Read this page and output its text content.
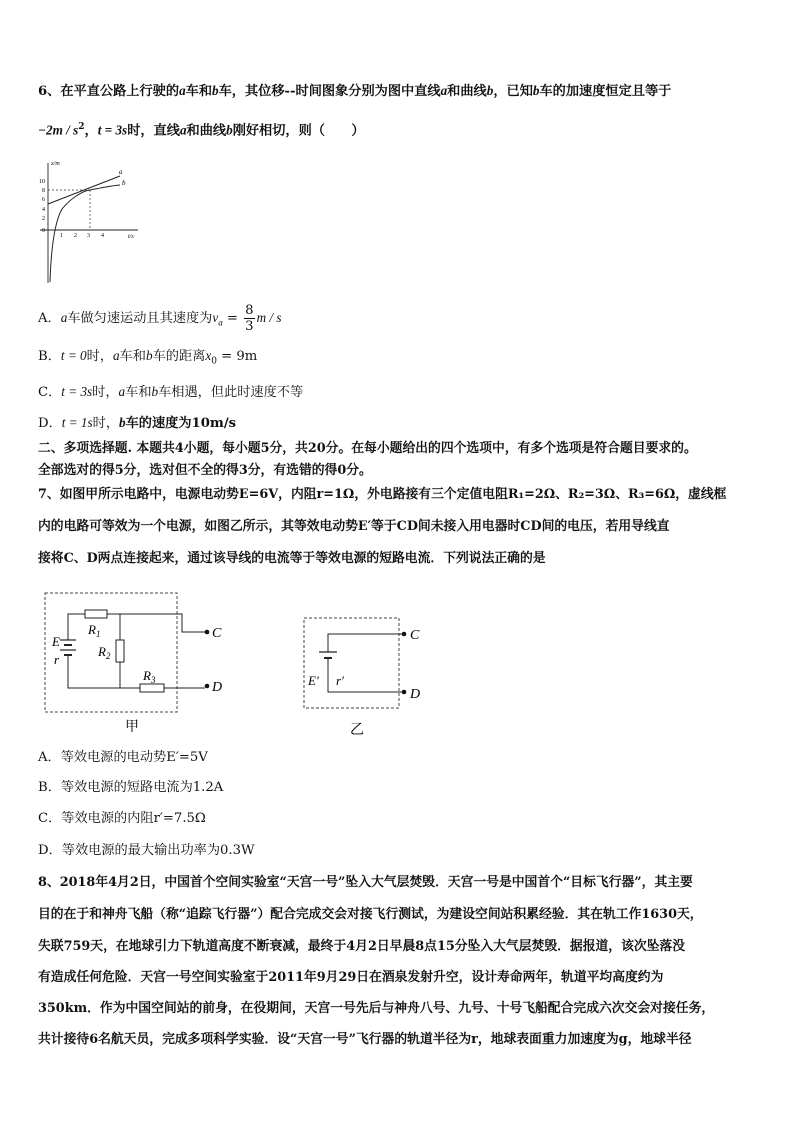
6、在平直公路上行驶的a车和b车，其位移--时间图象分别为图中直线a和曲线b，已知b车的加速度恒定且等于
$-2m / s^2$，t = 3s时，直线a和曲线b刚好相切，则（　　）
x/m
t/s
10
8
6
4
2
0
1 2 3 4
a
b
A．a车做匀速运动且其速度为$v_a = \frac{8}{3}$ m / s
B．t = 0时，a车和b车的距离$x_0 = 9m$
C．t = 3s时，a车和b车相遇，但此时速度不等
D．t = 1s时，b车的速度为10m/s
二、多项选择题. 本题共4小题，每小题5分，共20分。在每小题给出的四个选项中，有多个选项是符合题目要求的。
全部选对的得5分，选对但不全的得3分，有选错的得0分。
7、如图甲所示电路中，电源电动势E=6V，内阻r=1Ω，外电路接有三个定值电阻R₁=2Ω、R₂=3Ω、R₃=6Ω，虚线框
内的电路可等效为一个电源，如图乙所示，其等效电动势E′等于CD间未接入用电器时CD间的电压，若用导线直
接将C、D两点连接起来，通过该导线的电流等于等效电源的短路电流．下列说法正确的是
E
r
$R_1$
$R_2$
$R_3$
C
D
甲
E′ r′
C
D
乙
A．等效电源的电动势E′=5V
B．等效电源的短路电流为1.2A
C．等效电源的内阻r′=7.5Ω
D．等效电源的最大输出功率为0.3W
8、2018年4月2日，中国首个空间实验室“天宫一号”坠入大气层焚毁．天宫一号是中国首个“目标飞行器”，其主要
目的在于和神舟飞船（称“追踪飞行器”）配合完成交会对接飞行测试，为建设空间站积累经验．其在轨工作1630天，
失联759天，在地球引力下轨道高度不断衰减，最终于4月2日早晨8点15分坠入大气层焚毁．据报道，该次坠落没
有造成任何危险．天宫一号空间实验室于2011年9月29日在酒泉发射升空，设计寿命两年，轨道平均高度约为
350km．作为中国空间站的前身，在役期间，天宫一号先后与神舟八号、九号、十号飞船配合完成六次交会对接任务，
共计接待6名航天员，完成多项科学实验．设“天宫一号”飞行器的轨道半径为r，地球表面重力加速度为g，地球半径
